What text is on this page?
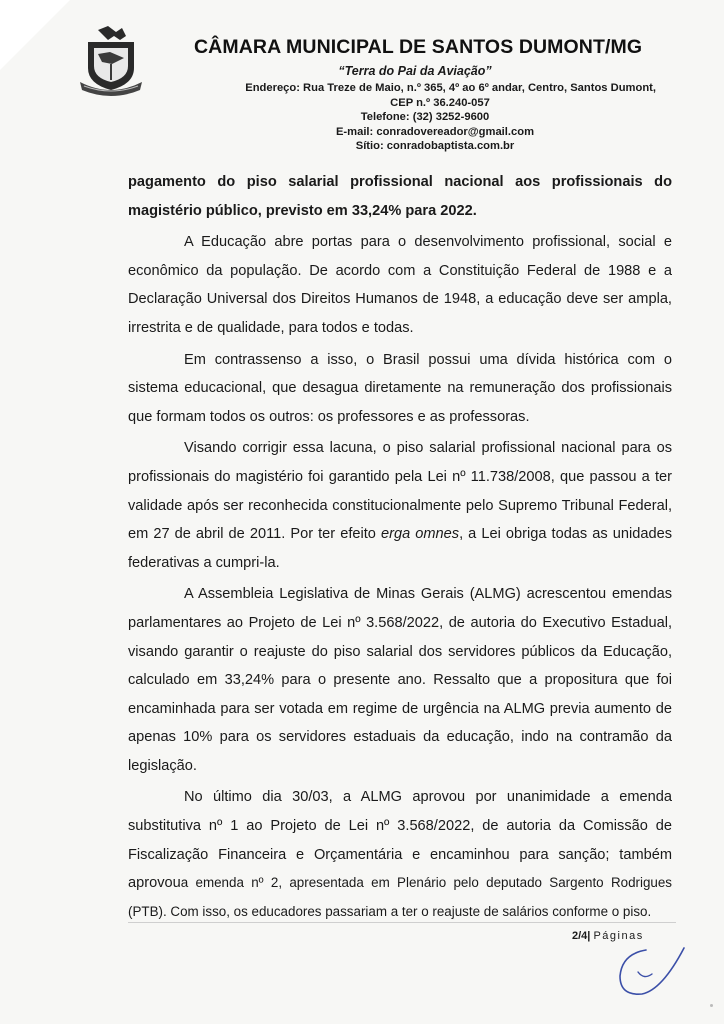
CÂMARA MUNICIPAL DE SANTOS DUMONT/MG
“Terra do Pai da Aviação”
Endereço: Rua Treze de Maio, n.º 365, 4º ao 6º andar, Centro, Santos Dumont,
CEP n.º 36.240-057
Telefone: (32) 3252-9600
E-mail: conradovereador@gmail.com
Sítio: conradobaptista.com.br

pagamento do piso salarial profissional nacional aos profissionais do magistério público, previsto em 33,24% para 2022.

A Educação abre portas para o desenvolvimento profissional, social e econômico da população. De acordo com a Constituição Federal de 1988 e a Declaração Universal dos Direitos Humanos de 1948, a educação deve ser ampla, irrestrita e de qualidade, para todos e todas.

Em contrassenso a isso, o Brasil possui uma dívida histórica com o sistema educacional, que desagua diretamente na remuneração dos profissionais que formam todos os outros: os professores e as professoras.

Visando corrigir essa lacuna, o piso salarial profissional nacional para os profissionais do magistério foi garantido pela Lei nº 11.738/2008, que passou a ter validade após ser reconhecida constitucionalmente pelo Supremo Tribunal Federal, em 27 de abril de 2011. Por ter efeito erga omnes, a Lei obriga todas as unidades federativas a cumpri-la.

A Assembleia Legislativa de Minas Gerais (ALMG) acrescentou emendas parlamentares ao Projeto de Lei nº 3.568/2022, de autoria do Executivo Estadual, visando garantir o reajuste do piso salarial dos servidores públicos da Educação, calculado em 33,24% para o presente ano. Ressalto que a propositura que foi encaminhada para ser votada em regime de urgência na ALMG previa aumento de apenas 10% para os servidores estaduais da educação, indo na contramão da legislação.

No último dia 30/03, a ALMG aprovou por unanimidade a emenda substitutiva nº 1 ao Projeto de Lei nº 3.568/2022, de autoria da Comissão de Fiscalização Financeira e Orçamentária e encaminhou para sanção; também aprovoua emenda nº 2, apresentada em Plenário pelo deputado Sargento Rodrigues (PTB). Com isso, os educadores passariam a ter o reajuste de salários conforme o piso.

2/4| Páginas
